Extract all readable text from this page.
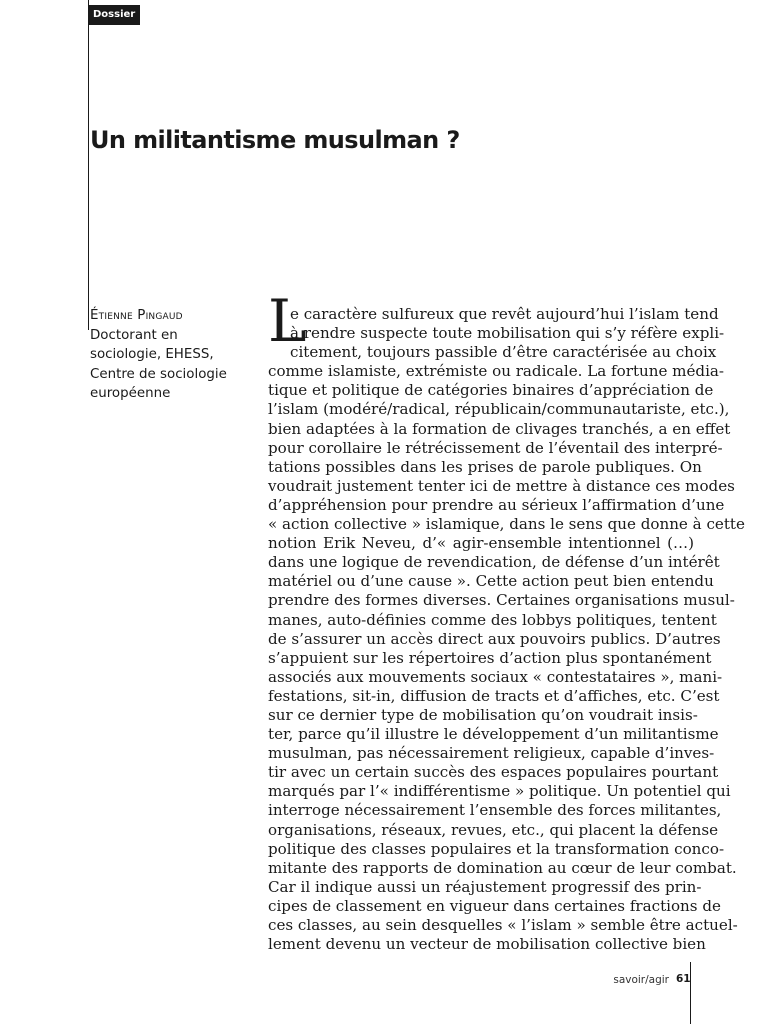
Dossier
Un militantisme musulman ?
Étienne Pingaud
Doctorant en
sociologie, EHESS,
Centre de sociologie
européenne
L
e caractère sulfureux que revêt aujourd’hui l’islam tend
à rendre suspecte toute mobilisation qui s’y réfère expli-
citement, toujours passible d’être caractérisée au choix
comme islamiste, extrémiste ou radicale. La fortune média-
tique et politique de catégories binaires d’appréciation de
l’islam (modéré/radical, républicain/communautariste, etc.),
bien adaptées à la formation de clivages tranchés, a en effet
pour corollaire le rétrécissement de l’éventail des interpré-
tations possibles dans les prises de parole publiques. On
voudrait justement tenter ici de mettre à distance ces modes
d’appréhension pour prendre au sérieux l’affirmation d’une
« action collective » islamique, dans le sens que donne à cette
notion Erik Neveu, d’« agir-ensemble intentionnel (…)
dans une logique de revendication, de défense d’un intérêt
matériel ou d’une cause ». Cette action peut bien entendu
prendre des formes diverses. Certaines organisations musul-
manes, auto-définies comme des lobbys politiques, tentent
de s’assurer un accès direct aux pouvoirs publics. D’autres
s’appuient sur les répertoires d’action plus spontanément
associés aux mouvements sociaux « contestataires », mani-
festations, sit-in, diffusion de tracts et d’affiches, etc. C’est
sur ce dernier type de mobilisation qu’on voudrait insis-
ter, parce qu’il illustre le développement d’un militantisme
musulman, pas nécessairement religieux, capable d’inves-
tir avec un certain succès des espaces populaires pourtant
marqués par l’« indifférentisme » politique. Un potentiel qui
interroge nécessairement l’ensemble des forces militantes,
organisations, réseaux, revues, etc., qui placent la défense
politique des classes populaires et la transformation conco-
mitante des rapports de domination au cœur de leur combat.
Car il indique aussi un réajustement progressif des prin-
cipes de classement en vigueur dans certaines fractions de
ces classes, au sein desquelles « l’islam » semble être actuel-
lement devenu un vecteur de mobilisation collective bien
savoir/agir 61
